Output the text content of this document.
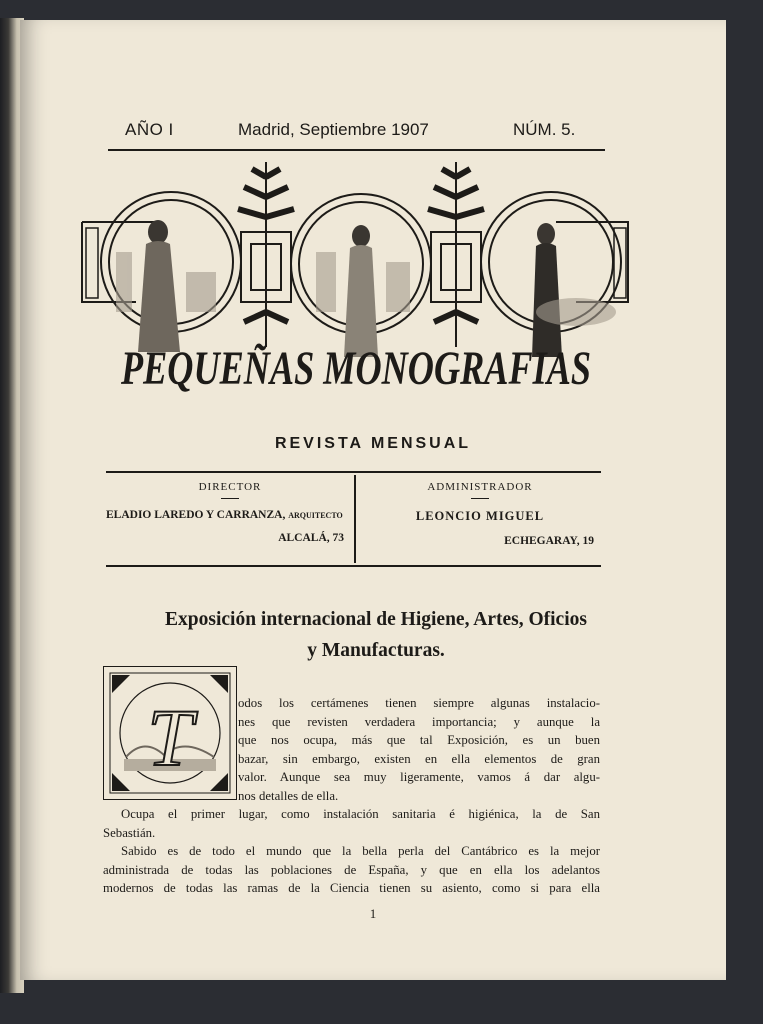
AÑO I	Madrid, Septiembre 1907	NÚM. 5.
PEQUEÑAS MONOGRAFIAS
REVISTA MENSUAL
DIRECTOR
ELADIO LAREDO Y CARRANZA, ARQUITECTO
ALCALÁ, 73
ADMINISTRADOR
LEONCIO MIGUEL
ECHEGARAY, 19
Exposición internacional de Higiene, Artes, Oficios
y Manufacturas.
T	odos los certámenes tienen siempre algunas instalacio-

nes que revisten verdadera importancia; y aunque la

que nos ocupa, más que tal Exposición, es un buen

bazar, sin embargo, existen en ella elementos de gran

valor. Aunque sea muy ligeramente, vamos á dar algu-

nos detalles de ella.

Ocupa el primer lugar, como instalación sanitaria é higiénica, la de San

Sebastián.

Sabido es de todo el mundo que la bella perla del Cantábrico es la mejor

administrada de todas las poblaciones de España, y que en ella los adelantos

modernos de todas las ramas de la Ciencia tienen su asiento, como si para ella

1
